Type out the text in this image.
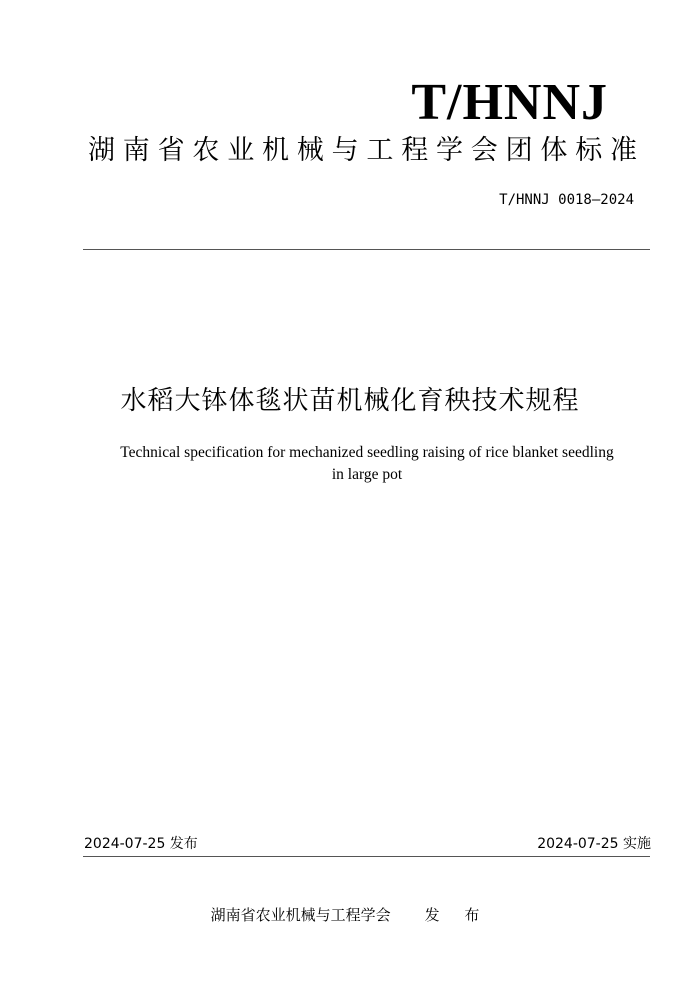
T/HNNJ
湖南省农业机械与工程学会团体标准
T/HNNJ 0018—2024
水稻大钵体毯状苗机械化育秧技术规程
Technical specification for mechanized seedling raising of rice blanket seedling
in large pot
2024-07-25 发布	2024-07-25 实施
湖南省农业机械与工程学会 发 布
